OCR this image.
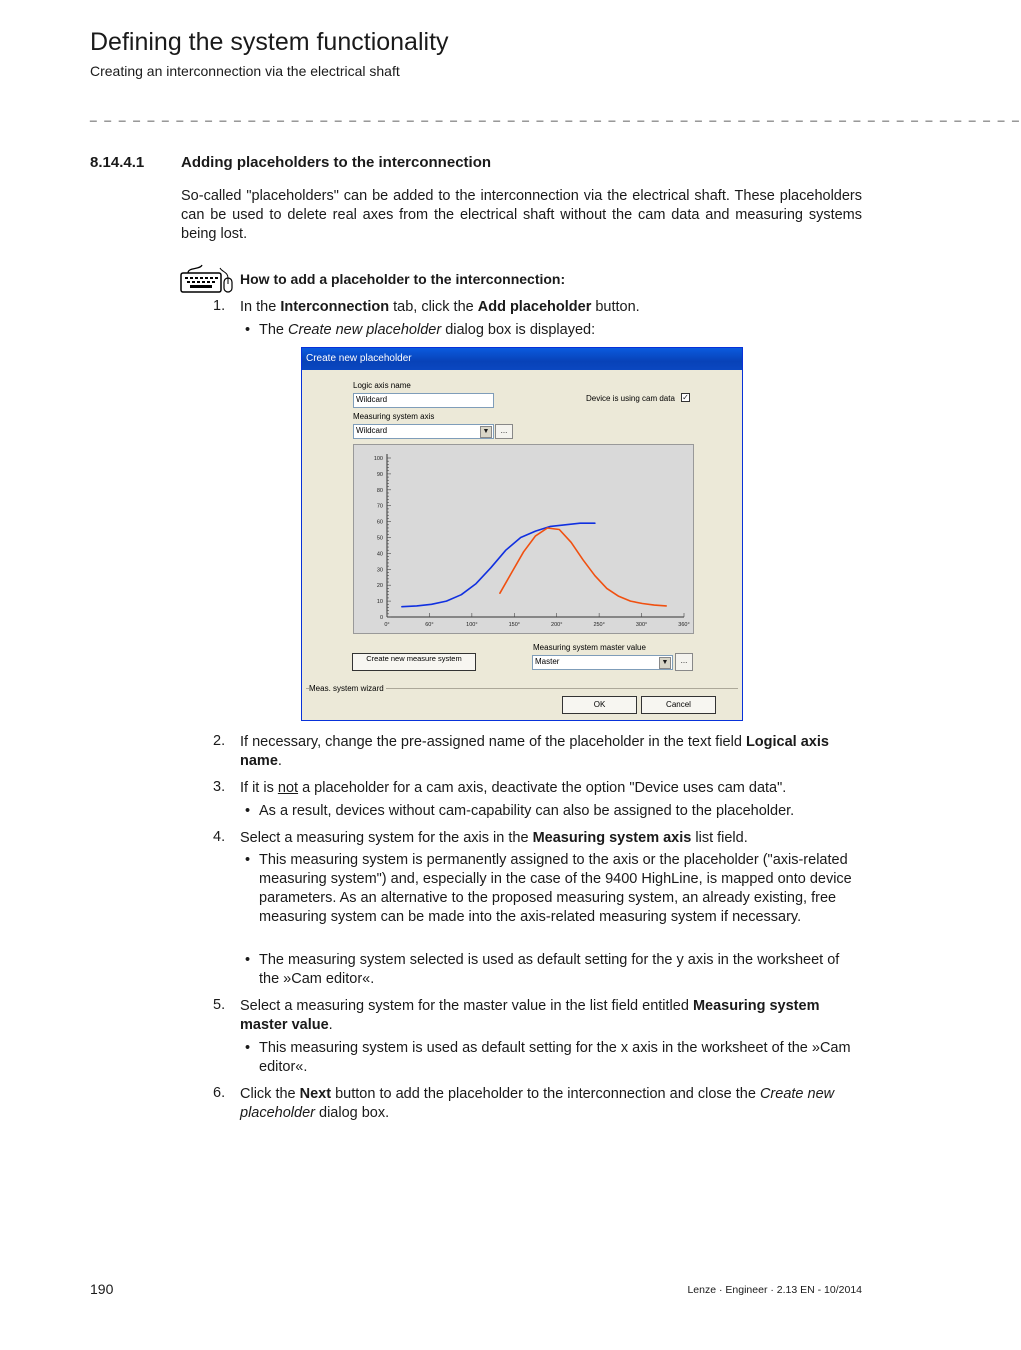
Defining the system functionality
Creating an interconnection via the electrical shaft
_ _ _ _ _ _ _ _ _ _ _ _ _ _ _ _ _ _ _ _ _ _ _ _ _ _ _ _ _ _ _ _ _ _ _ _ _ _ _ _ _ _ _ _ _ _ _ _ _ _ _ _ _ _ _ _ _ _ _ _ _ _ _ _ _
8.14.4.1 Adding placeholders to the interconnection
So-called "placeholders" can be added to the interconnection via the electrical shaft. These placeholders can be used to delete real axes from the electrical shaft without the cam data and measuring systems being lost.
How to add a placeholder to the interconnection:
1. In the Interconnection tab, click the Add placeholder button.
• The Create new placeholder dialog box is displayed:
Create new placeholder
Logic axis name
Wildcard	Device is using cam data ✓
Measuring system axis
Wildcard	▼	...
100
90
80
70
60
50
40
30
20
10
0
0°	60°	100°	150°	200°	250°	300°	360°
Measuring system master value
Create new measure system	Master	▼	...
Meas. system wizard
OK	Cancel
2. If necessary, change the pre-assigned name of the placeholder in the text field Logical axis name.
3. If it is not a placeholder for a cam axis, deactivate the option "Device uses cam data".
• As a result, devices without cam-capability can also be assigned to the placeholder.
4. Select a measuring system for the axis in the Measuring system axis list field.
• This measuring system is permanently assigned to the axis or the placeholder ("axis-related measuring system") and, especially in the case of the 9400 HighLine, is mapped onto device parameters. As an alternative to the proposed measuring system, an already existing, free measuring system can be made into the axis-related measuring system if necessary.
• The measuring system selected is used as default setting for the y axis in the worksheet of the »Cam editor«.
5. Select a measuring system for the master value in the list field entitled Measuring system master value.
• This measuring system is used as default setting for the x axis in the worksheet of the »Cam editor«.
6. Click the Next button to add the placeholder to the interconnection and close the Create new placeholder dialog box.
190	Lenze · Engineer · 2.13 EN - 10/2014
